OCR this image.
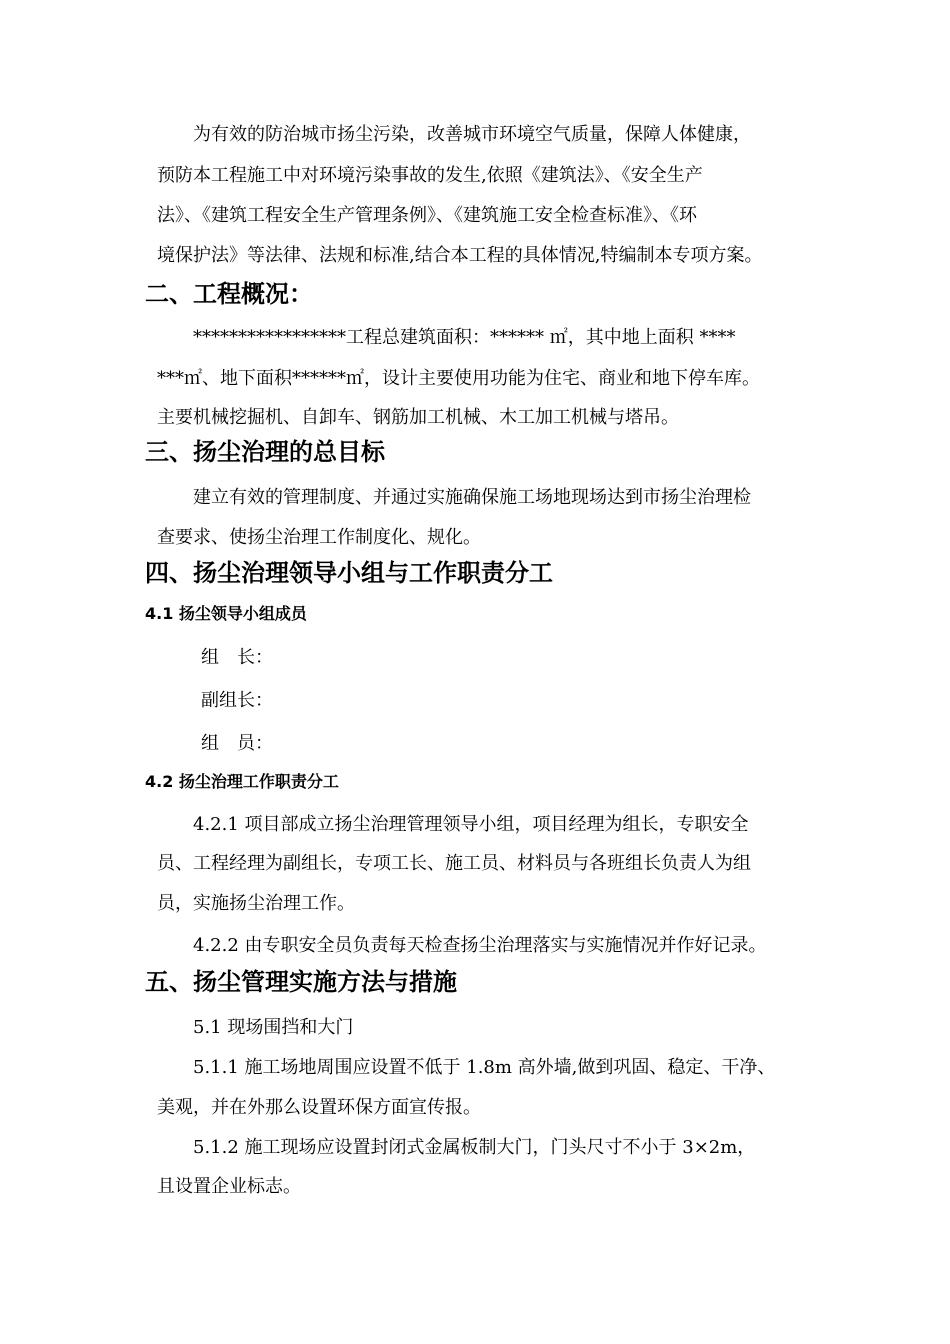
为有效的防治城市扬尘污染，改善城市环境空气质量，保障人体健康，
预防本工程施工中对环境污染事故的发生,依照《建筑法》、《安全生产
法》、《建筑工程安全生产管理条例》、《建筑施工安全检查标准》、《环
境保护法》等法律、法规和标准,结合本工程的具体情况,特编制本专项方案。
二、工程概况：
*****************工程总建筑面积：****** ㎡，其中地上面积 ****
***㎡、地下面积******㎡，设计主要使用功能为住宅、商业和地下停车库。
主要机械挖掘机、自卸车、钢筋加工机械、木工加工机械与塔吊。
三、扬尘治理的总目标
建立有效的管理制度、并通过实施确保施工场地现场达到市扬尘治理检
查要求、使扬尘治理工作制度化、规化。
四、扬尘治理领导小组与工作职责分工
4.1 扬尘领导小组成员
组　长：
副组长：
组　员：
4.2 扬尘治理工作职责分工
4.2.1 项目部成立扬尘治理管理领导小组，项目经理为组长，专职安全
员、工程经理为副组长，专项工长、施工员、材料员与各班组长负责人为组
员，实施扬尘治理工作。
4.2.2 由专职安全员负责每天检查扬尘治理落实与实施情况并作好记录。
五、扬尘管理实施方法与措施
5.1 现场围挡和大门
5.1.1 施工场地周围应设置不低于 1.8m 高外墙,做到巩固、稳定、干净、
美观，并在外那么设置环保方面宣传报。
5.1.2 施工现场应设置封闭式金属板制大门，门头尺寸不小于 3×2m，
且设置企业标志。
